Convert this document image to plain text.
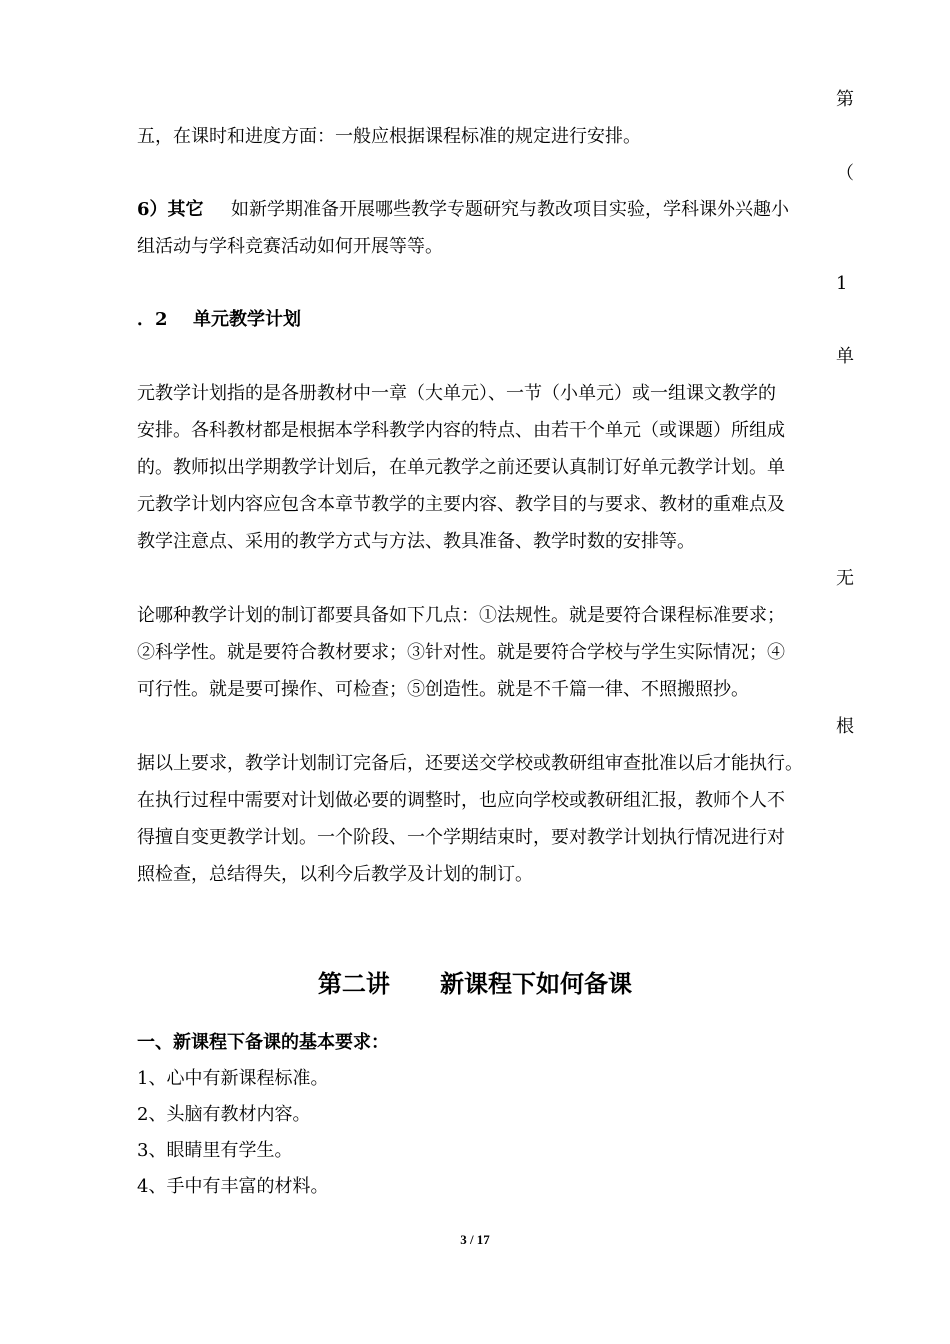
第
五，在课时和进度方面：一般应根据课程标准的规定进行安排。
（
6）其它 如新学期准备开展哪些教学专题研究与教改项目实验，学科课外兴趣小
组活动与学科竞赛活动如何开展等等。
1
．2 单元教学计划
单
元教学计划指的是各册教材中一章（大单元）、一节（小单元）或一组课文教学的
安排。各科教材都是根据本学科教学内容的特点、由若干个单元（或课题）所组成
的。教师拟出学期教学计划后，在单元教学之前还要认真制订好单元教学计划。单
元教学计划内容应包含本章节教学的主要内容、教学目的与要求、教材的重难点及
教学注意点、采用的教学方式与方法、教具准备、教学时数的安排等。
无
论哪种教学计划的制订都要具备如下几点：①法规性。就是要符合课程标准要求；
②科学性。就是要符合教材要求；③针对性。就是要符合学校与学生实际情况；④
可行性。就是要可操作、可检查；⑤创造性。就是不千篇一律、不照搬照抄。
根
据以上要求，教学计划制订完备后，还要送交学校或教研组审查批准以后才能执行。
在执行过程中需要对计划做必要的调整时，也应向学校或教研组汇报，教师个人不
得擅自变更教学计划。一个阶段、一个学期结束时，要对教学计划执行情况进行对
照检查，总结得失，以利今后教学及计划的制订。
第二讲      新课程下如何备课
一、新课程下备课的基本要求：
1、心中有新课程标准。
2、头脑有教材内容。
3、眼睛里有学生。
4、手中有丰富的材料。
3 / 17
